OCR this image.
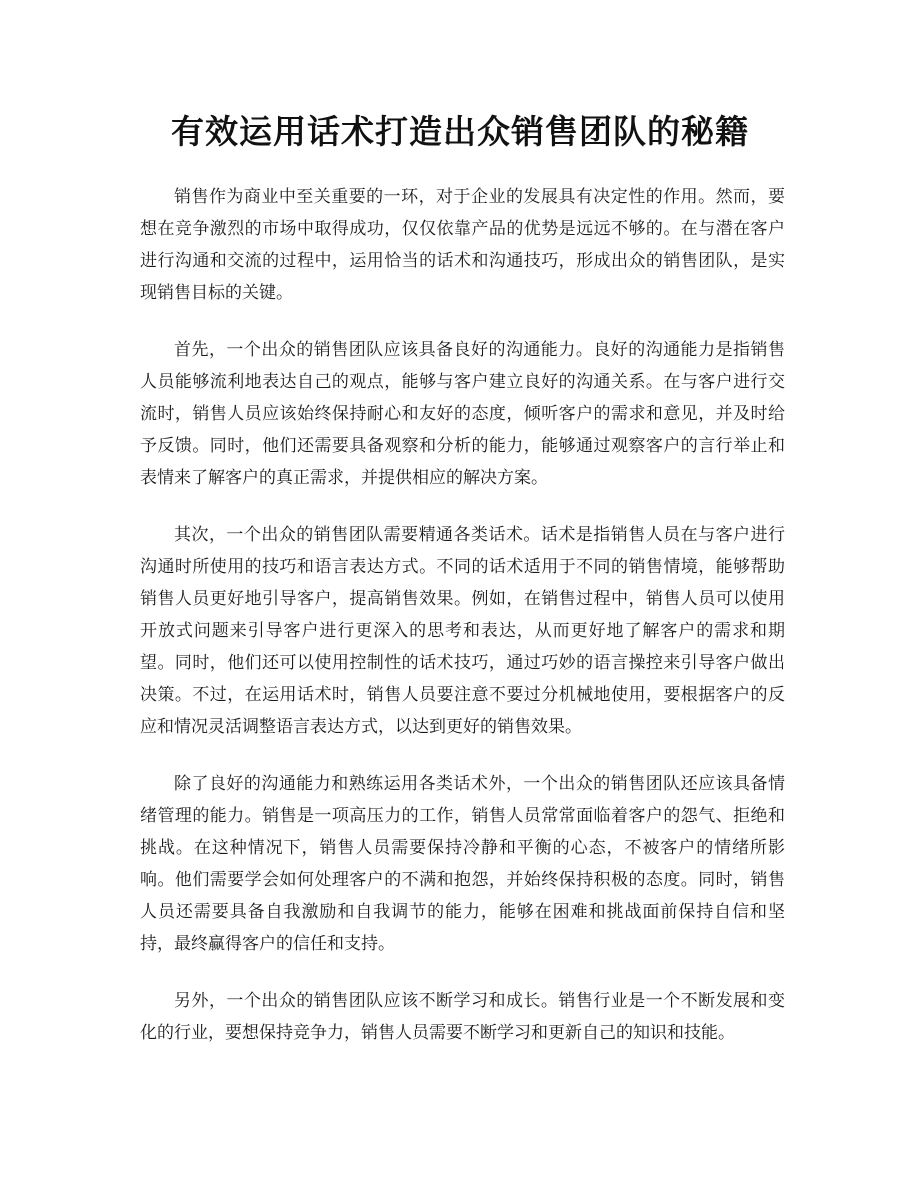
有效运用话术打造出众销售团队的秘籍

销售作为商业中至关重要的一环，对于企业的发展具有决定性的作用。然而，要想在竞争激烈的市场中取得成功，仅仅依靠产品的优势是远远不够的。在与潜在客户进行沟通和交流的过程中，运用恰当的话术和沟通技巧，形成出众的销售团队，是实现销售目标的关键。

首先，一个出众的销售团队应该具备良好的沟通能力。良好的沟通能力是指销售人员能够流利地表达自己的观点，能够与客户建立良好的沟通关系。在与客户进行交流时，销售人员应该始终保持耐心和友好的态度，倾听客户的需求和意见，并及时给予反馈。同时，他们还需要具备观察和分析的能力，能够通过观察客户的言行举止和表情来了解客户的真正需求，并提供相应的解决方案。

其次，一个出众的销售团队需要精通各类话术。话术是指销售人员在与客户进行沟通时所使用的技巧和语言表达方式。不同的话术适用于不同的销售情境，能够帮助销售人员更好地引导客户，提高销售效果。例如，在销售过程中，销售人员可以使用开放式问题来引导客户进行更深入的思考和表达，从而更好地了解客户的需求和期望。同时，他们还可以使用控制性的话术技巧，通过巧妙的语言操控来引导客户做出决策。不过，在运用话术时，销售人员要注意不要过分机械地使用，要根据客户的反应和情况灵活调整语言表达方式，以达到更好的销售效果。

除了良好的沟通能力和熟练运用各类话术外，一个出众的销售团队还应该具备情绪管理的能力。销售是一项高压力的工作，销售人员常常面临着客户的怨气、拒绝和挑战。在这种情况下，销售人员需要保持冷静和平衡的心态，不被客户的情绪所影响。他们需要学会如何处理客户的不满和抱怨，并始终保持积极的态度。同时，销售人员还需要具备自我激励和自我调节的能力，能够在困难和挑战面前保持自信和坚持，最终赢得客户的信任和支持。

另外，一个出众的销售团队应该不断学习和成长。销售行业是一个不断发展和变化的行业，要想保持竞争力，销售人员需要不断学习和更新自己的知识和技能。
